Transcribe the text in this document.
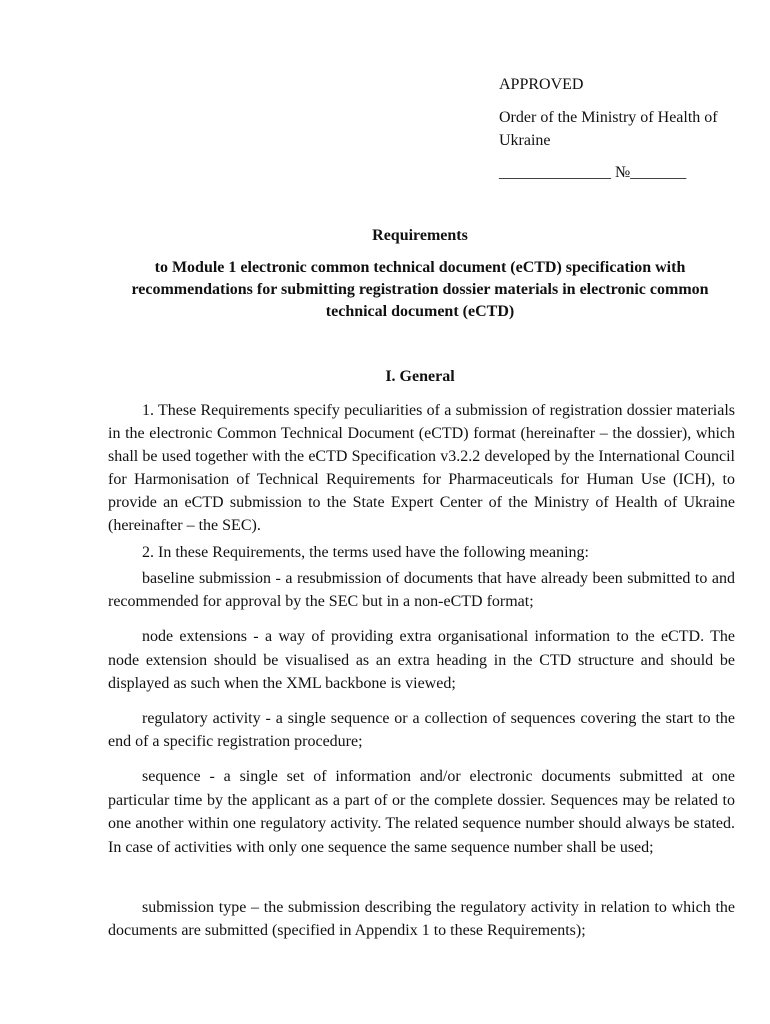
APPROVED
Order of the Ministry of Health of Ukraine
______________ №_______
Requirements
to Module 1 electronic common technical document (eCTD) specification with recommendations for submitting registration dossier materials in electronic common technical document (eCTD)
I. General

1. These Requirements specify peculiarities of a submission of registration dossier materials in the electronic Common Technical Document (eCTD) format (hereinafter – the dossier), which shall be used together with the eCTD Specification v3.2.2 developed by the International Council for Harmonisation of Technical Requirements for Pharmaceuticals for Human Use (ICH), to provide an eCTD submission to the State Expert Center of the Ministry of Health of Ukraine (hereinafter – the SEC).

2. In these Requirements, the terms used have the following meaning:

baseline submission - a resubmission of documents that have already been submitted to and recommended for approval by the SEC but in a non-eCTD format;

node extensions - a way of providing extra organisational information to the eCTD. The node extension should be visualised as an extra heading in the CTD structure and should be displayed as such when the XML backbone is viewed;

regulatory activity - a single sequence or a collection of sequences covering the start to the end of a specific registration procedure;

sequence - a single set of information and/or electronic documents submitted at one particular time by the applicant as a part of or the complete dossier. Sequences may be related to one another within one regulatory activity. The related sequence number should always be stated. In case of activities with only one sequence the same sequence number shall be used;

submission type – the submission describing the regulatory activity in relation to which the documents are submitted (specified in Appendix 1 to these Requirements);
